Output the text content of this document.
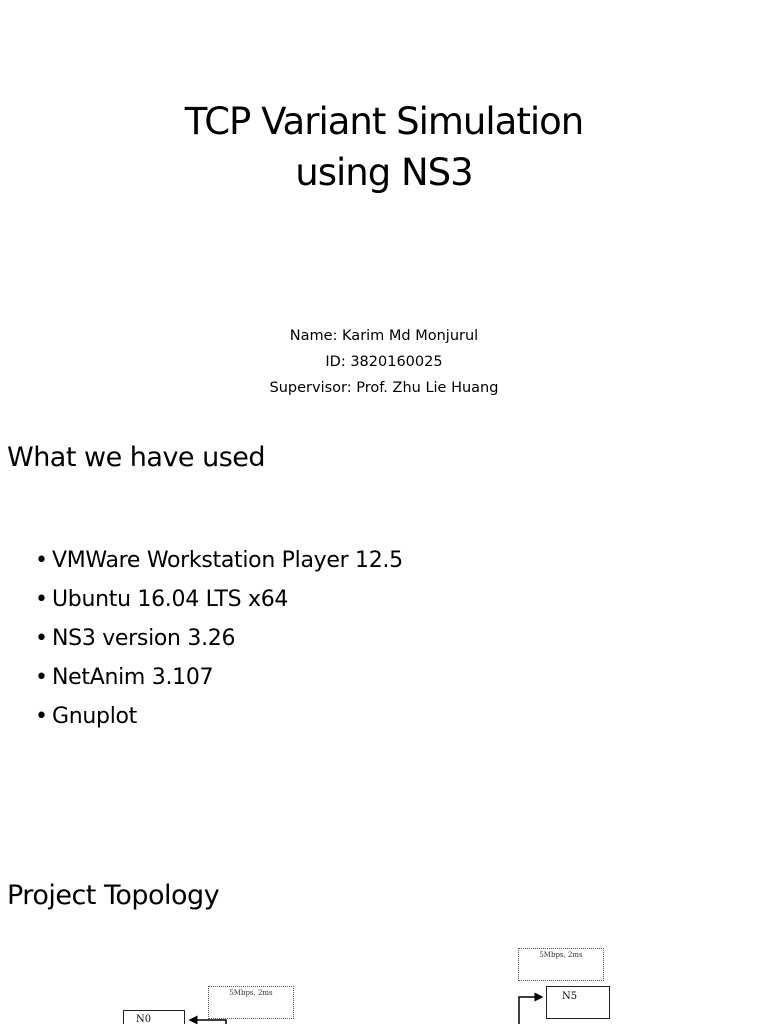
TCP Variant Simulation
using NS3
Name: Karim Md Monjurul
ID: 3820160025
Supervisor: Prof. Zhu Lie Huang
What we have used
• VMWare Workstation Player 12.5
• Ubuntu 16.04 LTS x64
• NS3 version 3.26
• NetAnim 3.107
• Gnuplot
Project Topology
5Mbps, 2ms
N0
5Mbps, 2ms
N5
